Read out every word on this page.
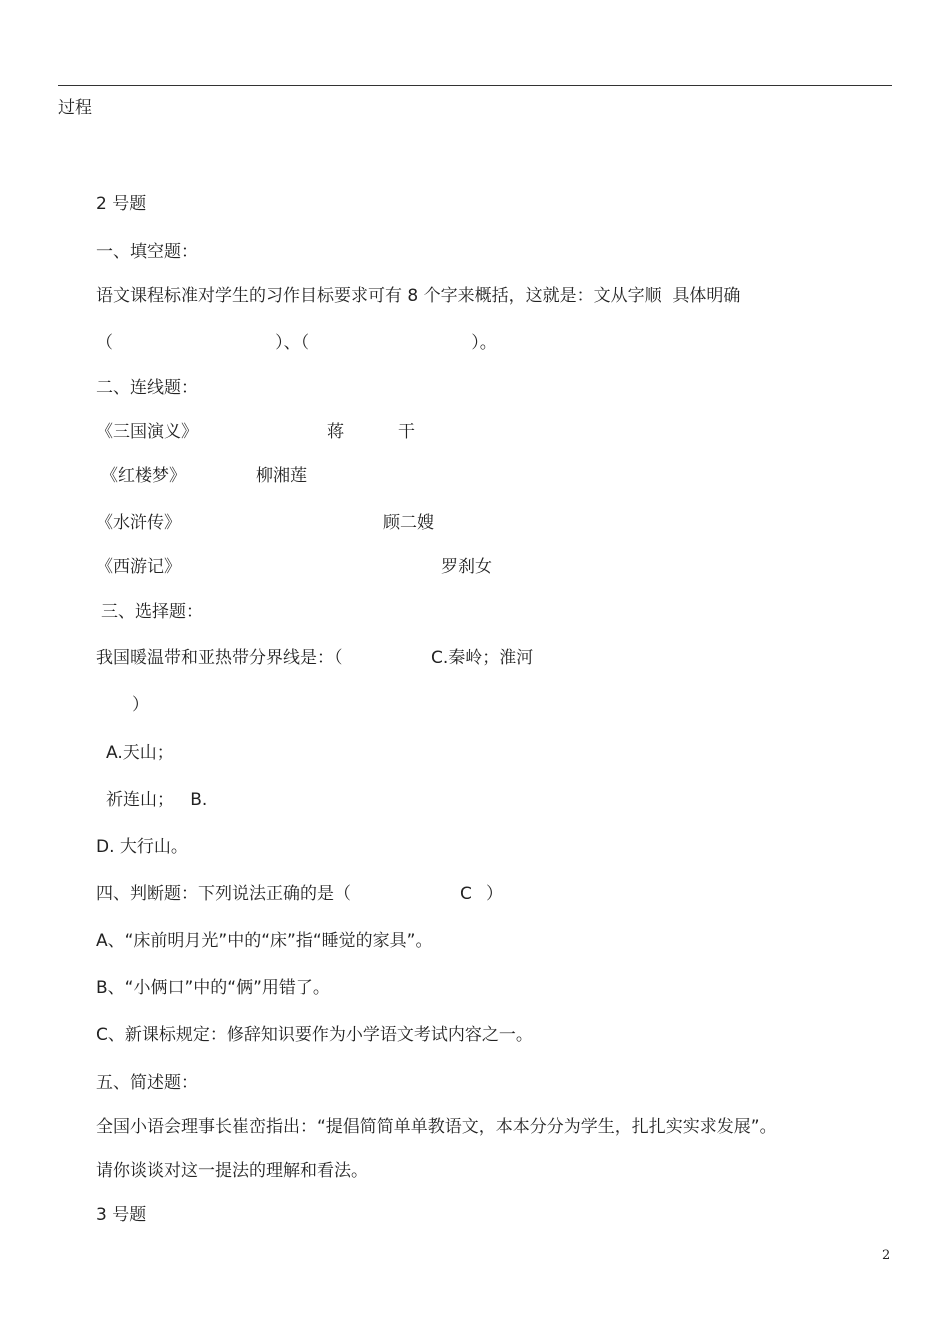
过程
2 号题
一、填空题：
语文课程标准对学生的习作目标要求可有 8 个字来概括，这就是：文从字顺  具体明确
（                              ）、（                              ）。
二、连线题：
《三国演义》	蒋          干
《红楼梦》	柳湘莲
《水浒传》	顾二嫂
《西游记》	罗刹女
三、选择题：
我国暖温带和亚热带分界线是：（	C.秦岭；淮河
）
A.天山；
祈连山；   B.
D. 大行山。
四、判断题：下列说法正确的是（	C ）
A、“床前明月光”中的“床”指“睡觉的家具”。
B、“小俩口”中的“俩”用错了。
C、新课标规定：修辞知识要作为小学语文考试内容之一。
五、简述题：
全国小语会理事长崔峦指出：“提倡简简单单教语文，本本分分为学生，扎扎实实求发展”。
请你谈谈对这一提法的理解和看法。
3 号题
2
